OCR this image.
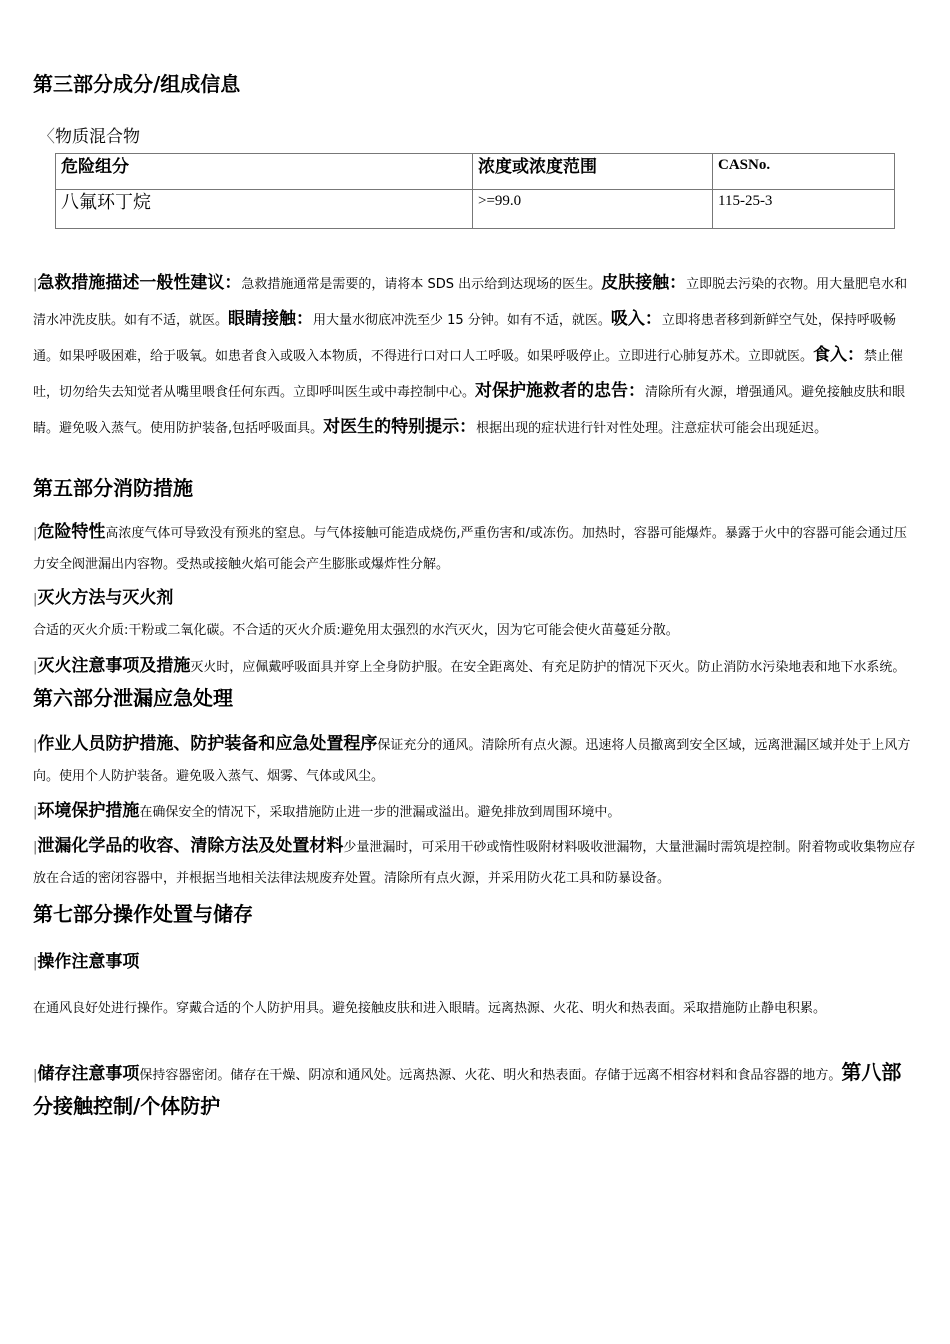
第三部分成分/组成信息
〈物质混合物
危险组分	浓度或浓度范围	CASNo.
八氟环丁烷	>=99.0	115-25-3

|急救措施描述一般性建议：急救措施通常是需要的，请将本 SDS 出示给到达现场的医生。皮肤接触：立即脱去污染的衣物。用大量肥皂水和清水冲洗皮肤。如有不适，就医。眼睛接触：用大量水彻底冲洗至少 15 分钟。如有不适，就医。吸入：立即将患者移到新鲜空气处，保持呼吸畅通。如果呼吸困难，给于吸氧。如患者食入或吸入本物质，不得进行口对口人工呼吸。如果呼吸停止。立即进行心肺复苏术。立即就医。食入：禁止催吐，切勿给失去知觉者从嘴里喂食任何东西。立即呼叫医生或中毒控制中心。对保护施救者的忠告：清除所有火源，增强通风。避免接触皮肤和眼睛。避免吸入蒸气。使用防护装备,包括呼吸面具。对医生的特别提示：根据出现的症状进行针对性处理。注意症状可能会出现延迟。

第五部分消防措施

|危险特性高浓度气体可导致没有预兆的窒息。与气体接触可能造成烧伤,严重伤害和/或冻伤。加热时，容器可能爆炸。暴露于火中的容器可能会通过压力安全阀泄漏出内容物。受热或接触火焰可能会产生膨胀或爆炸性分解。

|灭火方法与灭火剂

合适的灭火介质:干粉或二氧化碳。不合适的灭火介质:避免用太强烈的水汽灭火，因为它可能会使火苗蔓延分散。

|灭火注意事项及措施灭火时，应佩戴呼吸面具并穿上全身防护服。在安全距离处、有充足防护的情况下灭火。防止消防水污染地表和地下水系统。第六部分泄漏应急处理

|作业人员防护措施、防护装备和应急处置程序保证充分的通风。清除所有点火源。迅速将人员撤离到安全区域，远离泄漏区域并处于上风方向。使用个人防护装备。避免吸入蒸气、烟雾、气体或风尘。

|环境保护措施在确保安全的情况下，采取措施防止进一步的泄漏或溢出。避免排放到周围环境中。

|泄漏化学品的收容、清除方法及处置材料少量泄漏时，可采用干砂或惰性吸附材料吸收泄漏物，大量泄漏时需筑堤控制。附着物或收集物应存放在合适的密闭容器中，并根据当地相关法律法规废弃处置。清除所有点火源，并采用防火花工具和防暴设备。

第七部分操作处置与储存

|操作注意事项

在通风良好处进行操作。穿戴合适的个人防护用具。避免接触皮肤和进入眼睛。远离热源、火花、明火和热表面。采取措施防止静电积累。

|储存注意事项保持容器密闭。储存在干燥、阴凉和通风处。远离热源、火花、明火和热表面。存储于远离不相容材料和食品容器的地方。第八部分接触控制/个体防护
